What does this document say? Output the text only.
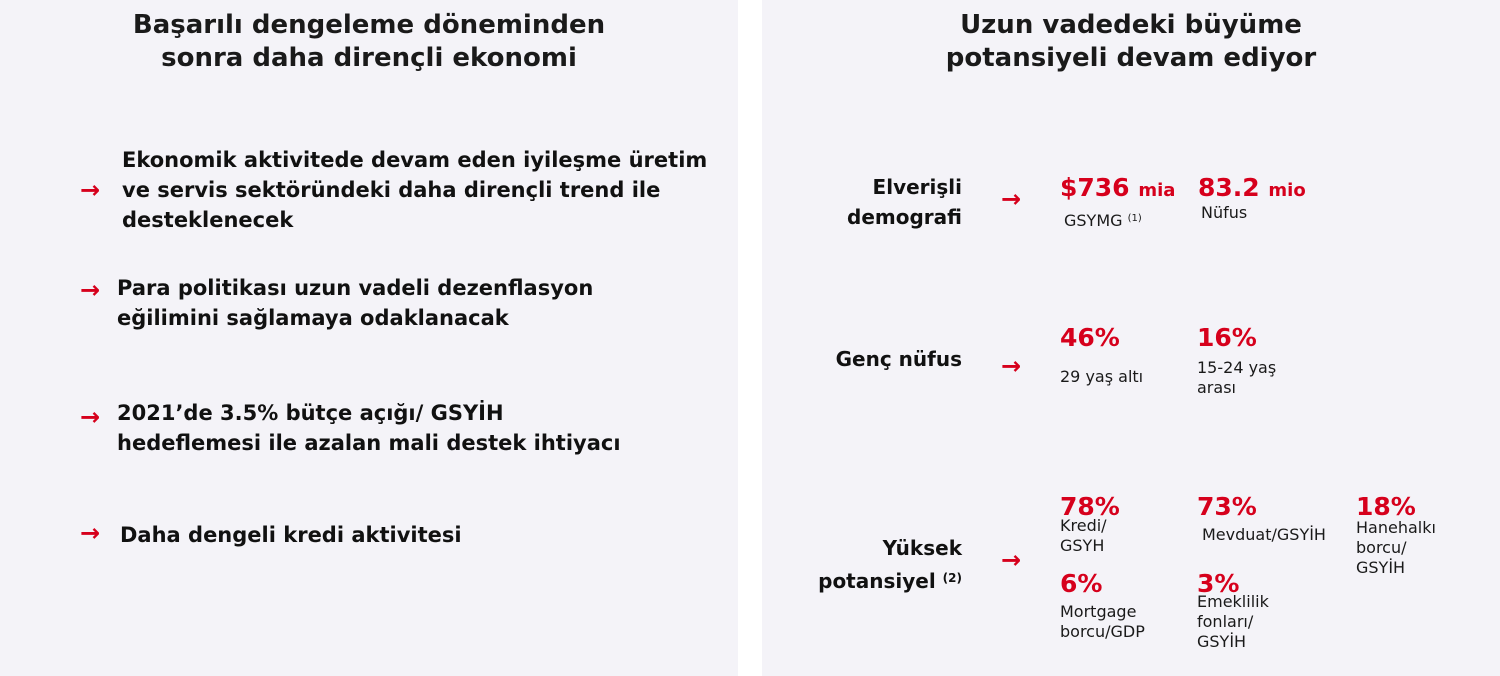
Başarılı dengeleme döneminden
sonra daha dirençli ekonomi
→
Ekonomik aktivitede devam eden iyileşme üretim
ve servis sektöründeki daha dirençli trend ile
desteklenecek
→ Para politikası uzun vadeli dezenflasyon
eğilimini sağlamaya odaklanacak
→ 2021’de 3.5% bütçe açığı/ GSYİH
hedeflemesi ile azalan mali destek ihtiyacı
→ Daha dengeli kredi aktivitesi
Uzun vadedeki büyüme
potansiyeli devam ediyor
Elverişli
demografi
→ $736 mia
GSYMG $^{(1)}$
83.2 mio
Nüfus
Genç nüfus →
46%
29 yaş altı
16%
15-24 yaş
arası
Yüksek
potansiyel $^{(2)}$
→
78%
Kredi/
GSYH
73%
Mevduat/GSYİH
18%
Hanehalkı
borcu/
GSYİH
6%
Mortgage
borcu/GDP
3%
Emeklilik
fonları/
GSYİH
